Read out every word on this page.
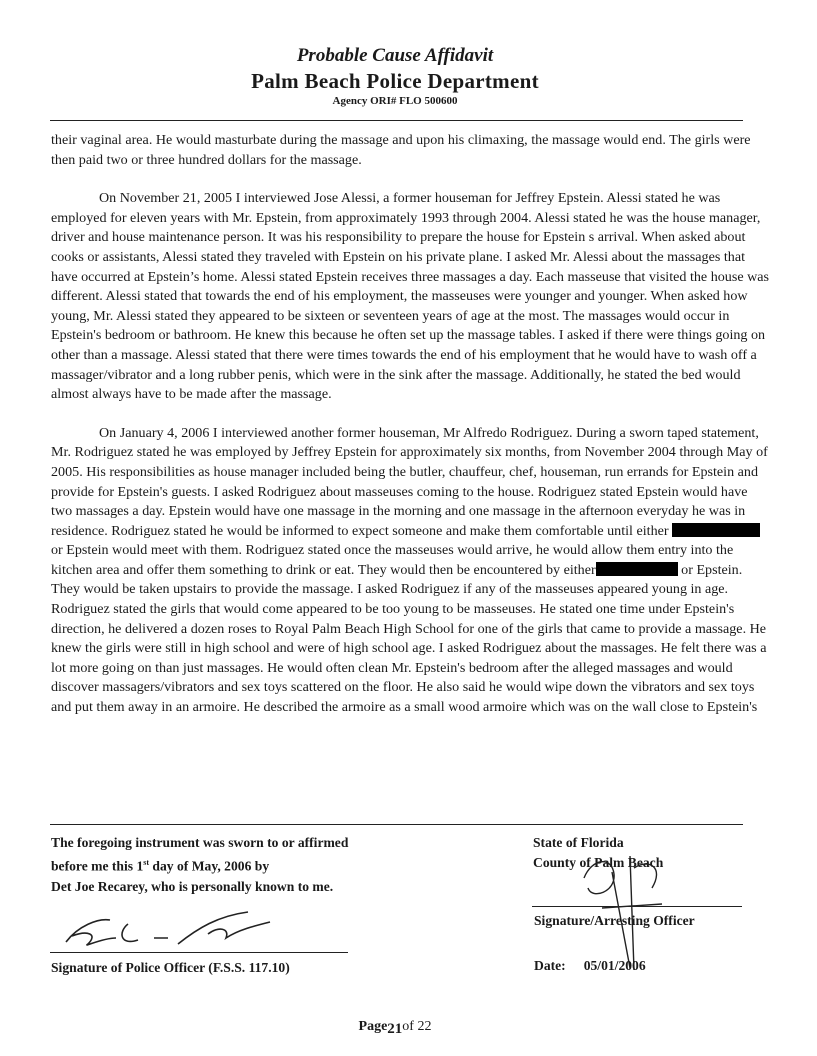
Probable Cause Affidavit
Palm Beach Police Department
Agency ORI# FLO 500600

their vaginal area. He would masturbate during the massage and upon his climaxing, the massage would end. The girls were then paid two or three hundred dollars for the massage.

On November 21, 2005 I interviewed Jose Alessi, a former houseman for Jeffrey Epstein. Alessi stated he was employed for eleven years with Mr. Epstein, from approximately 1993 through 2004. Alessi stated he was the house manager, driver and house maintenance person. It was his responsibility to prepare the house for Epstein s arrival. When asked about cooks or assistants, Alessi stated they traveled with Epstein on his private plane. I asked Mr. Alessi about the massages that have occurred at Epstein’s home. Alessi stated Epstein receives three massages a day. Each masseuse that visited the house was different. Alessi stated that towards the end of his employment, the masseuses were younger and younger. When asked how young, Mr. Alessi stated they appeared to be sixteen or seventeen years of age at the most. The massages would occur in Epstein's bedroom or bathroom. He knew this because he often set up the massage tables. I asked if there were things going on other than a massage. Alessi stated that there were times towards the end of his employment that he would have to wash off a massager/vibrator and a long rubber penis, which were in the sink after the massage. Additionally, he stated the bed would almost always have to be made after the massage.

On January 4, 2006 I interviewed another former houseman, Mr Alfredo Rodriguez. During a sworn taped statement, Mr. Rodriguez stated he was employed by Jeffrey Epstein for approximately six months, from November 2004 through May of 2005. His responsibilities as house manager included being the butler, chauffeur, chef, houseman, run errands for Epstein and provide for Epstein's guests. I asked Rodriguez about masseuses coming to the house. Rodriguez stated Epstein would have two massages a day. Epstein would have one massage in the morning and one massage in the afternoon everyday he was in residence. Rodriguez stated he would be informed to expect someone and make them comfortable until either  or Epstein would meet with them. Rodriguez stated once the masseuses would arrive, he would allow them entry into the kitchen area and offer them something to drink or eat. They would then be encountered by either	or Epstein. They would be taken upstairs to provide the massage. I asked Rodriguez if any of the masseuses appeared young in age. Rodriguez stated the girls that would come appeared to be too young to be masseuses. He stated one time under Epstein's direction, he delivered a dozen roses to Royal Palm Beach High School for one of the girls that came to provide a massage. He knew the girls were still in high school and were of high school age. I asked Rodriguez about the massages. He felt there was a lot more going on than just massages. He would often clean Mr. Epstein's bedroom after the alleged massages and would discover massagers/vibrators and sex toys scattered on the floor. He also said he would wipe down the vibrators and sex toys and put them away in an armoire. He described the armoire as a small wood armoire which was on the wall close to Epstein's

The foregoing instrument was sworn to or affirmed
before me this 1st day of May, 2006 by
Det Joe Recarey, who is personally known to me.
Signature of Police Officer (F.S.S. 117.10)
State of Florida
County of Palm Beach
Signature/Arresting Officer
Date: 05/01/2006
Page21of 22
